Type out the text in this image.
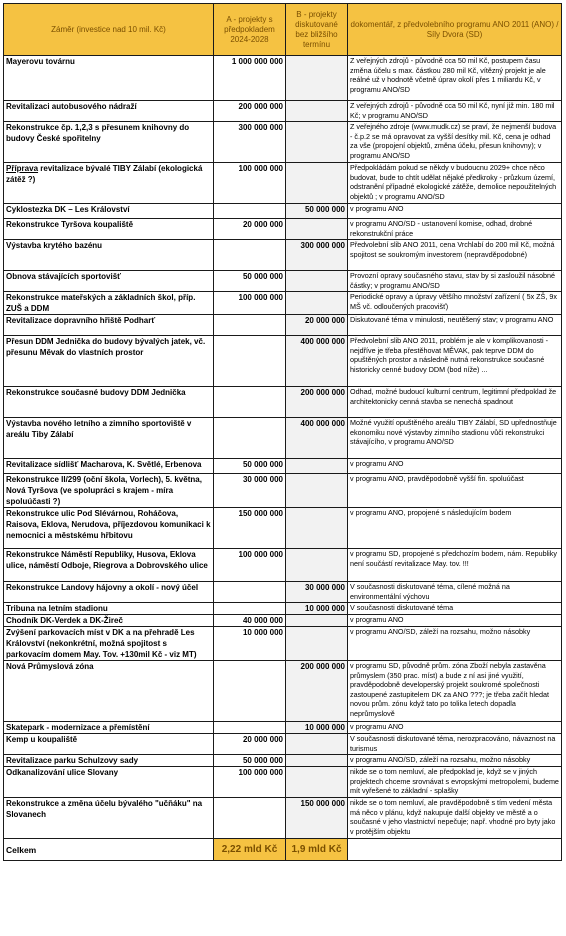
Záměr (investice nad 10 mil. Kč)	A - projekty s předpokladem 2024-2028	B - projekty diskutované bez bližšího termínu	dokomentář, z předvolebního programu ANO 2011 (ANO) / Síly Dvora (SD)
Mayerovu továrnu	1 000 000 000		Z veřejných zdrojů - původně cca 50 mil Kč, postupem času změna účelu s max. částkou 280 mil Kč, vítězný projekt je ale reálné už v hodnotě včetně úprav okolí přes 1 miliardu Kč, v programu ANO/SD
Revitalizaci autobusového nádraží	200 000 000		Z veřejných zdrojů - původně cca 50 mil Kč, nyní již min. 180 mil Kč; v programu ANO/SD
Rekonstrukce čp. 1,2,3 s přesunem knihovny do budovy České spořitelny	300 000 000		Z veřejného zdroje (www.mudk.cz) se praví, že nejmenší budova - č.p.2 se má opravovat za vyšší desítky mil. Kč, cena je odhad za vše (propojení objektů, změna účelu, přesun knihovny); v programu ANO/SD
Příprava revitalizace bývalé TIBY Zálabí (ekologická zátěž ?)	100 000 000		Předpokládám pokud se někdy v budoucnu 2029+ chce něco budovat, bude to chtít udělat nějaké předkroky - průzkum území, odstranění případné ekologické zátěže, demolice nepoužitelných objektů ; v programu ANO/SD
Cyklostezka DK – Les Království		50 000 000	v programu ANO
Rekonstrukce Tyršova koupaliště	20 000 000		v programu ANO/SD - ustanovení komise, odhad, drobné rekonstrukční práce
Výstavba krytého bazénu		300 000 000	Předvolební slib ANO 2011, cena Vrchlabí do 200 mil Kč, možná spojitost se soukromým investorem (nepravděpodobné)
Obnova stávajících sportovišť	50 000 000		Provozní opravy současného stavu, stav by si zasloužil násobné částky; v programu ANO/SD
Rekonstrukce mateřských a základních škol, příp. ZUŠ a DDM	100 000 000		Periodické opravy a úpravy většího množství zařízení ( 5x ZŠ, 9x MŠ vč. odloučených pracovišť)
Revitalizace dopravního hřiště Podharť		20 000 000	Diskutované téma v minulosti, neutěšený stav; v programu ANO
Přesun DDM Jednička do budovy bývalých jatek, vč. přesunu Měvak do vlastních prostor		400 000 000	Předvolební slib ANO 2011, problém je ale v komplikovanosti - nejdříve je třeba přestěhovat MĚVAK, pak teprve DDM do opuštěných prostor a následně nutná rekonstrukce současné historicky cenné budovy DDM (bod níže) ...
Rekonstrukce současné budovy DDM Jednička		200 000 000	Odhad, možné budoucí kulturní centrum, legitimní předpoklad že architektonicky cenná stavba se nenechá spadnout
Výstavba nového letního a zimního sportoviště v areálu Tiby Zálabí		400 000 000	Možné využití opuštěného areálu TIBY Zálabí, SD upřednostňuje ekonomiku nové výstavby zimního stadionu vůči rekonstrukci stávajícího, v programu ANO/SD
Revitalizace sídlišť Macharova, K. Světlé, Erbenova	50 000 000		v programu ANO
Rekonstrukce II/299 (oční škola, Vorlech), 5. května, Nová Tyršova (ve spolupráci s krajem - míra spoluúčasti ?)	30 000 000		v programu ANO, pravděpodobně vyšší fin. spoluúčast
Rekonstrukce ulic Pod Slévárnou, Roháčova, Raisova, Eklova, Nerudova, příjezdovou komunikaci k nemocnici a městskému hřbitovu	150 000 000		v programu ANO, propojené s následujícím bodem
Rekonstrukce Náměstí Republiky, Husova, Eklova ulice, náměstí Odboje, Riegrova a Dobrovského ulice	100 000 000		v programu SD, propojené s předchozím bodem, nám. Republiky není součástí revitalizace May. tov. !!!
Rekonstrukce Landovy hájovny a okolí - nový účel		30 000 000	V současnosti diskutované téma, cílené možná na environmentální výchovu
Tribuna na letním stadionu		10 000 000	V současnosti diskutované téma
Chodník DK-Verdek a DK-Žireč	40 000 000		v programu ANO
Zvýšení parkovacích míst v DK a na přehradě Les Království (nekonkrétní, možná spojitost s parkovacím domem May. Tov. +130mil Kč - viz MT)	10 000 000		v programu ANO/SD, záleží na rozsahu, možno násobky
Nová Průmyslová zóna		200 000 000	v programu SD, původně prům. zóna Zboží nebyla zastavěna průmyslem (350 prac. míst) a bude z ní asi jiné využití, pravděpodobně developerský projekt soukromé společnosti zastoupené zastupitelem DK za ANO ???; je třeba začít hledat novou prům. zónu když tato po tolika letech dopadla neprůmyslově
Skatepark - modernizace a přemístění		10 000 000	v programu ANO
Kemp u koupaliště	20 000 000		V současnosti diskutované téma, nerozpracováno, návaznost na turismus
Revitalizace parku Schulzovy sady	50 000 000		v programu ANO/SD, záleží na rozsahu, možno násobky
Odkanalizování ulice Slovany	100 000 000		nikde se o tom nemluví, ale předpoklad je, když se v jiných projektech chceme srovnávat s evropskými metropolemi, budeme mít vyřešené to základní - splašky
Rekonstrukce a změna účelu bývalého "učňáku" na Slovanech		150 000 000	nikde se o tom nemluví, ale pravděpodobně s tím vedení města má něco v plánu, když nakupuje další objekty ve městě a o současné v jeho vlastnictví nepečuje; např. vhodné pro byty jako v protějším objektu
Celkem	2,22 mld Kč	1,9 mld Kč	
